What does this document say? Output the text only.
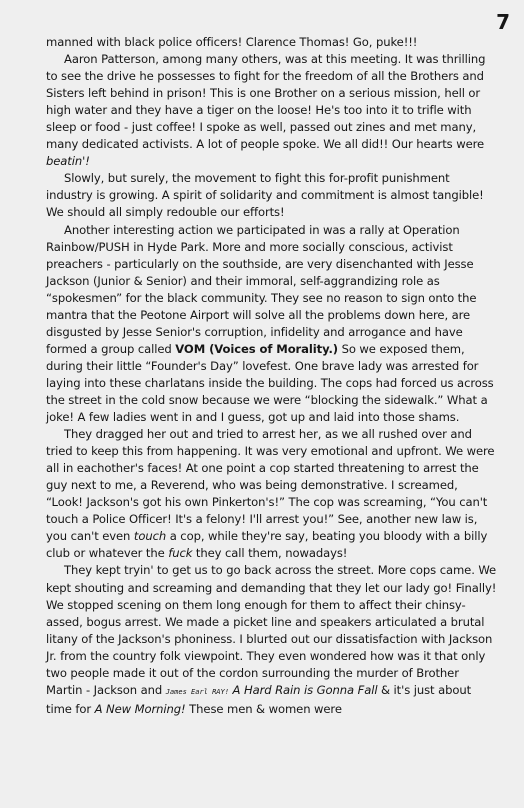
7

manned with black police officers! Clarence Thomas! Go, puke!!!

Aaron Patterson, among many others, was at this meeting. It was thrilling to see the drive he possesses to fight for the freedom of all the Brothers and Sisters left behind in prison! This is one Brother on a serious mission, hell or high water and they have a tiger on the loose! He's too into it to trifle with sleep or food - just coffee! I spoke as well, passed out zines and met many, many dedicated activists. A lot of people spoke. We all did!! Our hearts were beatin'!

Slowly, but surely, the movement to fight this for-profit punishment industry is growing. A spirit of solidarity and commitment is almost tangible! We should all simply redouble our efforts!

Another interesting action we participated in was a rally at Operation Rainbow/PUSH in Hyde Park. More and more socially conscious, activist preachers - particularly on the southside, are very disenchanted with Jesse Jackson (Junior & Senior) and their immoral, self-aggrandizing role as “spokesmen” for the black community. They see no reason to sign onto the mantra that the Peotone Airport will solve all the problems down here, are disgusted by Jesse Senior's corruption, infidelity and arrogance and have formed a group called VOM (Voices of Morality.) So we exposed them, during their little “Founder's Day” lovefest. One brave lady was arrested for laying into these charlatans inside the building. The cops had forced us across the street in the cold snow because we were “blocking the sidewalk.” What a joke! A few ladies went in and I guess, got up and laid into those shams.

They dragged her out and tried to arrest her, as we all rushed over and tried to keep this from happening. It was very emotional and upfront. We were all in eachother's faces! At one point a cop started threatening to arrest the guy next to me, a Reverend, who was being demonstrative. I screamed, “Look! Jackson's got his own Pinkerton's!” The cop was screaming, “You can't touch a Police Officer! It's a felony! I'll arrest you!” See, another new law is, you can't even touch a cop, while they're say, beating you bloody with a billy club or whatever the fuck they call them, nowadays!

They kept tryin' to get us to go back across the street. More cops came. We kept shouting and screaming and demanding that they let our lady go! Finally! We stopped scening on them long enough for them to affect their chinsy-assed, bogus arrest. We made a picket line and speakers articulated a brutal litany of the Jackson's phoniness. I blurted out our dissatisfaction with Jackson Jr. from the country folk viewpoint. They even wondered how was it that only two people made it out of the cordon surrounding the murder of Brother Martin - Jackson and James Earl RAY! A Hard Rain is Gonna Fall & it's just about time for A New Morning! These men & women were
